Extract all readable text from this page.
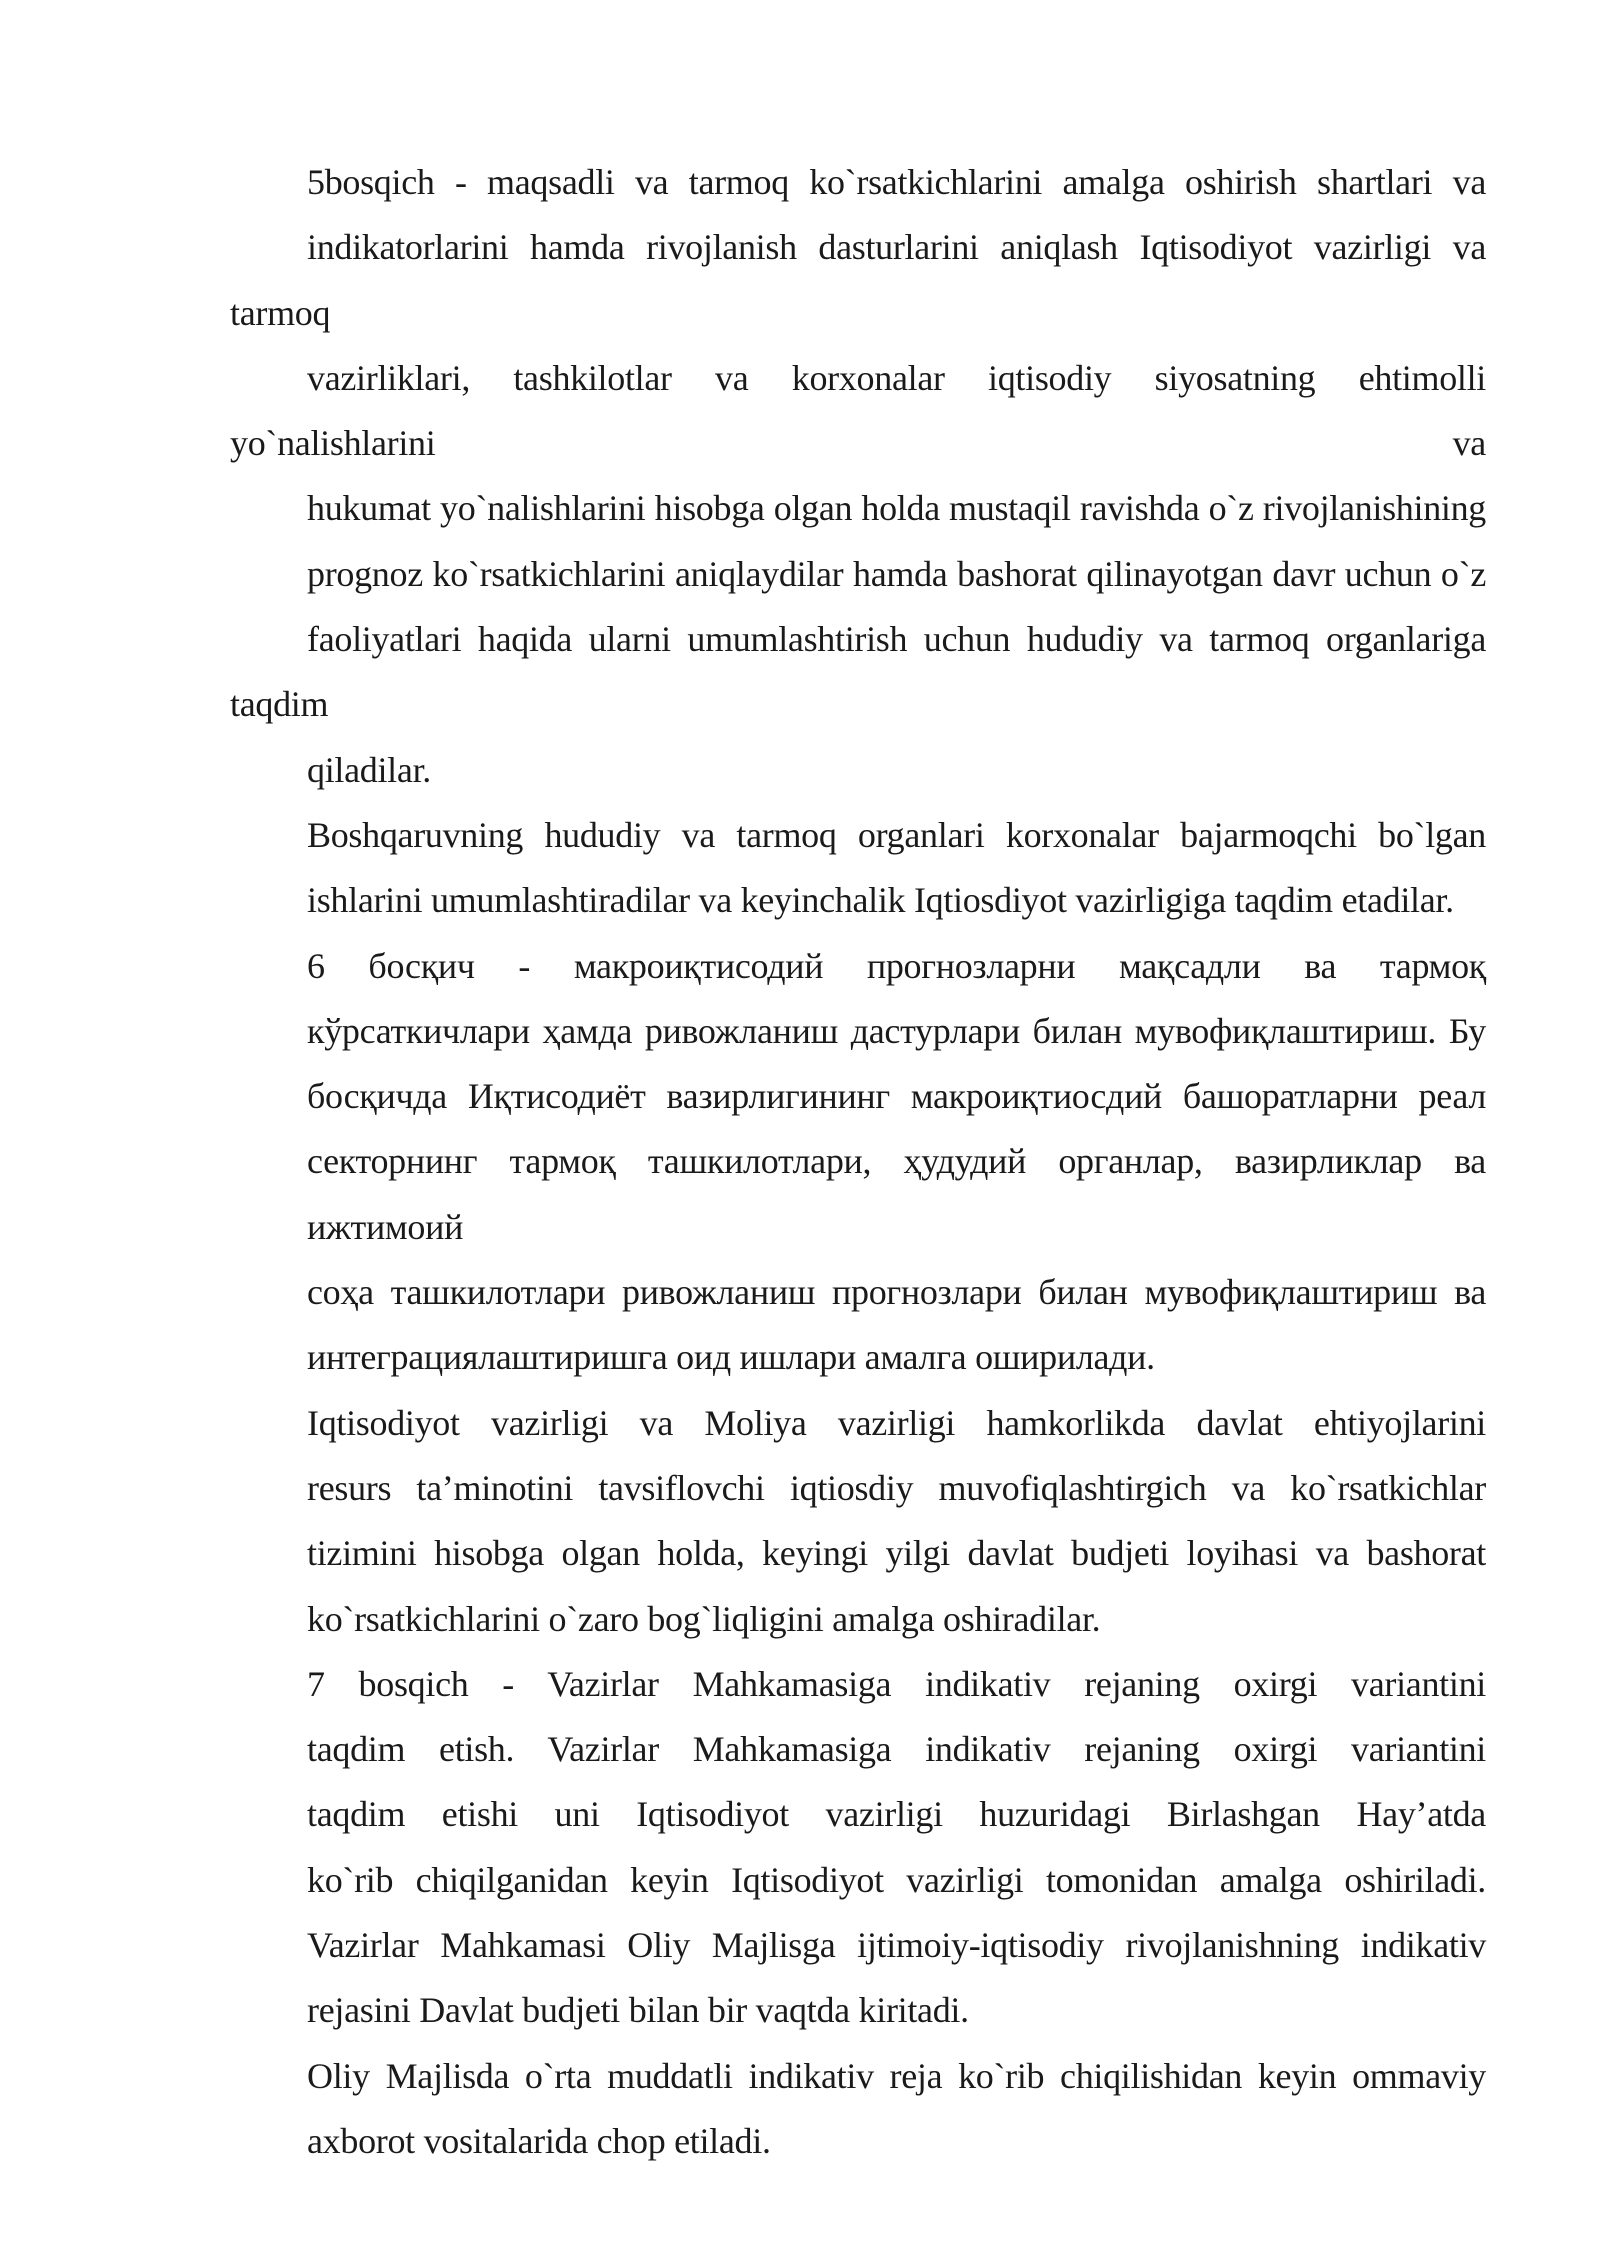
5bosqich - maqsadli va tarmoq ko`rsatkichlarini amalga oshirish shartlari va
indikatorlarini hamda rivojlanish dasturlarini aniqlash Iqtisodiyot vazirligi va tarmoq
vazirliklari, tashkilotlar va korxonalar iqtisodiy siyosatning ehtimolli yo`nalishlarini va
hukumat yo`nalishlarini hisobga olgan holda mustaqil ravishda o`z rivojlanishining
prognoz ko`rsatkichlarini aniqlaydilar hamda bashorat qilinayotgan davr uchun o`z
faoliyatlari haqida ularni umumlashtirish uchun hududiy va tarmoq organlariga taqdim
qiladilar.

Boshqaruvning hududiy va tarmoq organlari korxonalar bajarmoqchi bo`lgan
ishlarini umumlashtiradilar va keyinchalik Iqtiosdiyot vazirligiga taqdim etadilar.

6 босқич - макроиқтисодий прогнозларни мақсадли ва тармоқ
кўрсаткичлари ҳамда ривожланиш дастурлари билан мувофиқлаштириш. Бу
босқичда Иқтисодиёт вазирлигининг макроиқтиосдий башоратларни реал
секторнинг тармоқ ташкилотлари, ҳудудий органлар, вазирликлар ва
ижтимоий
соҳа ташкилотлари ривожланиш прогнозлари билан мувофиқлаштириш ва
интеграциялаштиришга оид ишлари амалга оширилади.

Iqtisodiyot vazirligi va Moliya vazirligi hamkorlikda davlat ehtiyojlarini
resurs ta’minotini tavsiflovchi iqtiosdiy muvofiqlashtirgich va ko`rsatkichlar
tizimini hisobga olgan holda, keyingi yilgi davlat budjeti loyihasi va bashorat
ko`rsatkichlarini o`zaro bog`liqligini amalga oshiradilar.

7 bosqich - Vazirlar Mahkamasiga indikativ rejaning oxirgi variantini
taqdim etish. Vazirlar Mahkamasiga indikativ rejaning oxirgi variantini
taqdim etishi uni Iqtisodiyot vazirligi huzuridagi Birlashgan Hay’atda
ko`rib chiqilganidan keyin Iqtisodiyot vazirligi tomonidan amalga oshiriladi.
Vazirlar Mahkamasi Oliy Majlisga ijtimoiy-iqtisodiy rivojlanishning indikativ
rejasini Davlat budjeti bilan bir vaqtda kiritadi.

Oliy Majlisda o`rta muddatli indikativ reja ko`rib chiqilishidan keyin ommaviy
axborot vositalarida chop etiladi.
